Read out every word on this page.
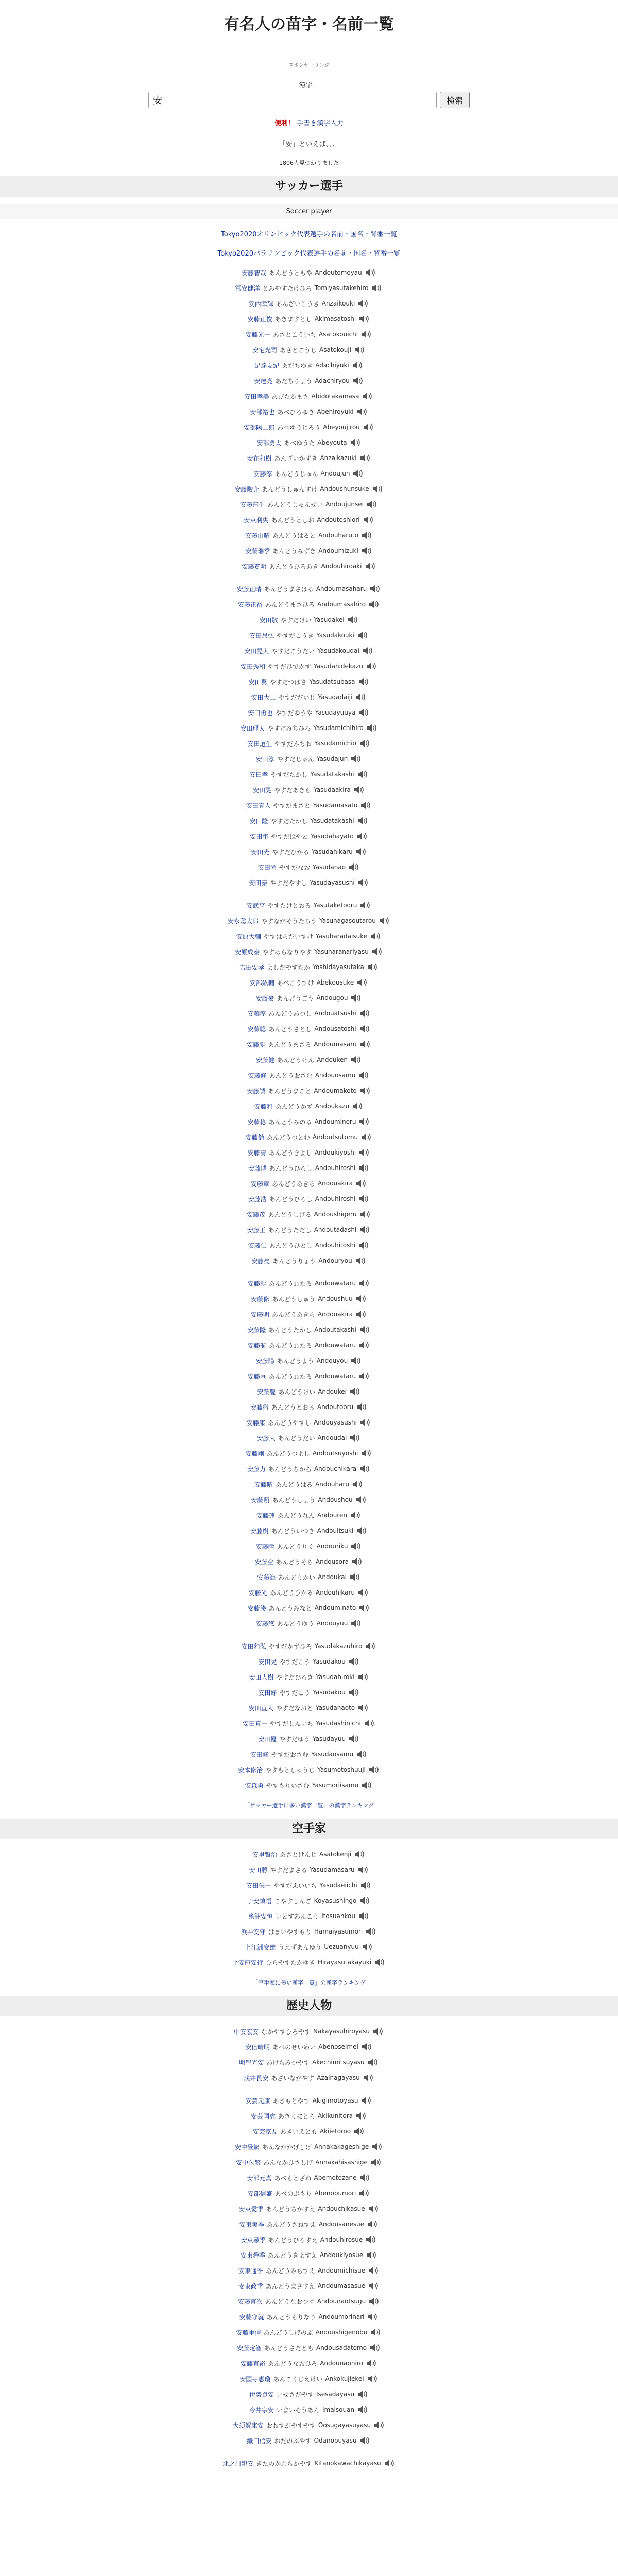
有名人の苗字・名前一覧
スポンサーリンク
漢字：
安
検索
便利！ 手書き漢字入力
「安」といえば、、、
1806人見つかりました
サッカー選手
Soccer player
Tokyo2020オリンピック代表選手の名前・国名・背番一覧
Tokyo2020パラリンピック代表選手の名前・国名・背番一覧
安藤智哉 あんどうともや Andoutomoyau
冨安健洋 とみやすたけひろ Tomiyasutakehiro
安西幸輝 あんざいこうき Anzaikouki
安藤正俊 あきますとし Akimasatoshi
安藤光一 あさとこういち Asatokouichi
安宅光司 あさとこうじ Asatokouji
足達友紀 あだちゆき Adachiyuki
安達亮 あだちりょう Adachiryou
安田孝美 あびたかまさ Abidotakamasa
安部裕也 あべひろゆき Abehiroyuki
安部陽二郎 あべゆうじろう Abeyoujirou
安部勇太 あべゆうた Abeyouta
安在和樹 あんざいかずき Anzaikazuki
安藤淳 あんどうじゅん Andoujun
安藤駿介 あんどうしゅんすけ Andoushunsuke
安藤淳生 あんどうじゅんせい Andoujunsei
安東利央 あんどうとしお Andoutoshiori
安藤由晴 あんどうはると Andouharuto
安藤瑞季 あんどうみずき Andoumizuki
安藤寛明 あんどうひろあき Andouhiroaki
安藤正晴 あんどうまさはる Andoumasaharu
安藤正裕 あんどうまさひろ Andoumasahiro
安田敬 やすだけい Yasudakei
安田昂弘 やすだこうき Yasudakouki
安田晃大 やすだこうだい Yasudakoudai
安田秀和 やすだひでかず Yasudahidekazu
安田翼 やすだつばさ Yasudatsubasa
安田大二 やすだだいじ Yasudadaiji
安田勇也 やすだゆうや Yasudayuuya
安田理大 やすだみちひろ Yasudamichihiro
安田道生 やすだみちお Yasudamichio
安田淳 やすだじゅん Yasudajun
安田孝 やすだたかし Yasudatakashi
安田晃 やすだあきら Yasudaakira
安田真人 やすだまさと Yasudamasato
安田隆 やすだたかし Yasudatakashi
安田隼 やすだはやと Yasudahayato
安田光 やすだひかる Yasudahikaru
安田尚 やすだなお Yasudanao
安田泰 やすだやすし Yasudayasushi
安武亨 やすたけとおる Yasutaketooru
安永聡太郎 やすながそうたろう Yasunagasoutarou
安原大輔 やすはらだいすけ Yasuharadaisuke
安原成泰 やすはらなりやす Yasuharanariyasu
吉田安孝 よしだやすたか Yoshidayasutaka
安部紘輔 あべこうすけ Abekousuke
安藤豪 あんどうごう Andougou
安藤淳 あんどうあつし Andouatsushi
安藤聡 あんどうさとし Andousatoshi
安藤勝 あんどうまさる Andoumasaru
安藤健 あんどうけん Andouken
安藤修 あんどうおさむ Andouosamu
安藤誠 あんどうまこと Andoumakoto
安藤和 あんどうかず Andoukazu
安藤稔 あんどうみのる Andouminoru
安藤勉 あんどうつとむ Andoutsutomu
安藤清 あんどうきよし Andoukiyoshi
安藤博 あんどうひろし Andouhiroshi
安藤章 あんどうあきら Andouakira
安藤浩 あんどうひろし Andouhiroshi
安藤茂 あんどうしげる Andoushigeru
安藤正 あんどうただし Andoutadashi
安藤仁 あんどうひとし Andouhitoshi
安藤亮 あんどうりょう Andouryou
安藤渉 あんどうわたる Andouwataru
安藤修 あんどうしゅう Andoushuu
安藤明 あんどうあきら Andouakira
安藤隆 あんどうたかし Andoutakashi
安藤航 あんどうわたる Andouwataru
安藤陽 あんどうよう Andouyou
安藤亘 あんどうわたる Andouwataru
安藤慶 あんどうけい Andoukei
安藤徹 あんどうとおる Andoutooru
安藤康 あんどうやすし Andouyasushi
安藤大 あんどうだい Andoudai
安藤剛 あんどうつよし Andoutsuyoshi
安藤力 あんどうちから Andouchikara
安藤晴 あんどうはる Andouharu
安藤翔 あんどうしょう Andoushou
安藤蓮 あんどうれん Andouren
安藤樹 あんどういつき Andouitsuki
安藤陸 あんどうりく Andouriku
安藤空 あんどうそら Andousora
安藤海 あんどうかい Andoukai
安藤光 あんどうひかる Andouhikaru
安藤湊 あんどうみなと Andouminato
安藤悠 あんどうゆう Andouyuu
安田和弘 やすだかずひろ Yasudakazuhiro
安田晃 やすだこう Yasudakou
安田大樹 やすだひろき Yasudahiroki
安田好 やすだこう Yasudakou
安田直人 やすだなおと Yasudanaoto
安田真一 やすだしんいち Yasudashinichi
安田優 やすだゆう Yasudayuu
安田修 やすだおさむ Yasudaosamu
安本修治 やすもとしゅうじ Yasumotoshuuji
安森勇 やすもりいさむ Yasumoriisamu
「サッカー選手に多い漢字一覧」の漢字ランキング
空手家
安里賢治 あさとけんじ Asatokenji
安田勝 やすだまさる Yasudamasaru
安田栄一 やすだえいいち Yasudaeiichi
子安慎悟 こやすしんご Koyasushingo
糸洲安恒 いとすあんこう Itosuankou
浜井安守 はまいやすもり Hamaiyasumori
上江洲安雄 うえずあんゆう Uezuanyuu
平安座安行 ひらやすたかゆき Hirayasutakayuki
「空手家に多い漢字一覧」の漢字ランキング
歴史人物
中安宏安 なかやすひろやす Nakayasuhiroyasu
安倍晴明 あべのせいめい Abenoseimei
明智光安 あけちみつやす Akechimitsuyasu
浅井長安 あざいながやす Azainagayasu
安芸元康 あきもとやす Akigimotoyasu
安芸国虎 あきくにとら Akikunitora
安芸家友 あきいえとも Akiietomo
安中景繁 あんなかかげしげ Annakakageshige
安中久繁 あんなかひさしげ Annakahisashige
安部元真 あべもとざね Abemotozane
安部信盛 あべのぶもり Abenobumori
安東愛季 あんどうちかすえ Andouchikasue
安東実季 あんどうさねすえ Andousanesue
安東尋季 あんどうひろすえ Andouhirosue
安東舜季 あんどうきよすえ Andoukiyosue
安東通季 あんどうみちすえ Andoumichisue
安東政季 あんどうまさすえ Andoumasasue
安藤直次 あんどうなおつぐ Andounaotsugu
安藤守就 あんどうもりなり Andoumorinari
安藤重信 あんどうしげのぶ Andoushigenobu
安藤定智 あんどうさだとも Andousadatomo
安藤直裕 あんどうなおひろ Andounaohiro
安国寺恵瓊 あんこくじえけい Ankokujiekei
伊勢貞安 いせさだやす Isesadayasu
今井宗安 いまいそうあん Imaisouan
大須賀康安 おおすがやすやす Oosugayasuyasu
織田信安 おだのぶやす Odanobuyasu
北之川親安 きたのかわちかやす Kitanokawachikayasu
